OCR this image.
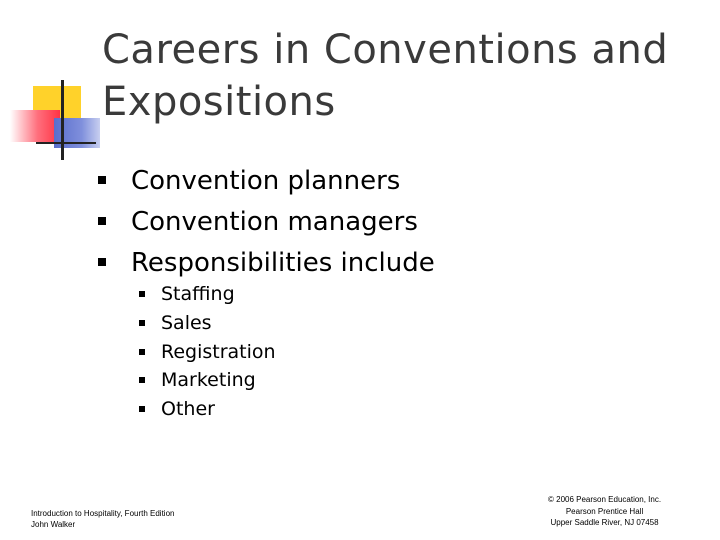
Careers in Conventions and
Expositions
Convention planners
Convention managers
Responsibilities include
Staffing
Sales
Registration
Marketing
Other
Introduction to Hospitality, Fourth Edition
John Walker
© 2006 Pearson Education, Inc.
Pearson Prentice Hall
Upper Saddle River, NJ 07458
